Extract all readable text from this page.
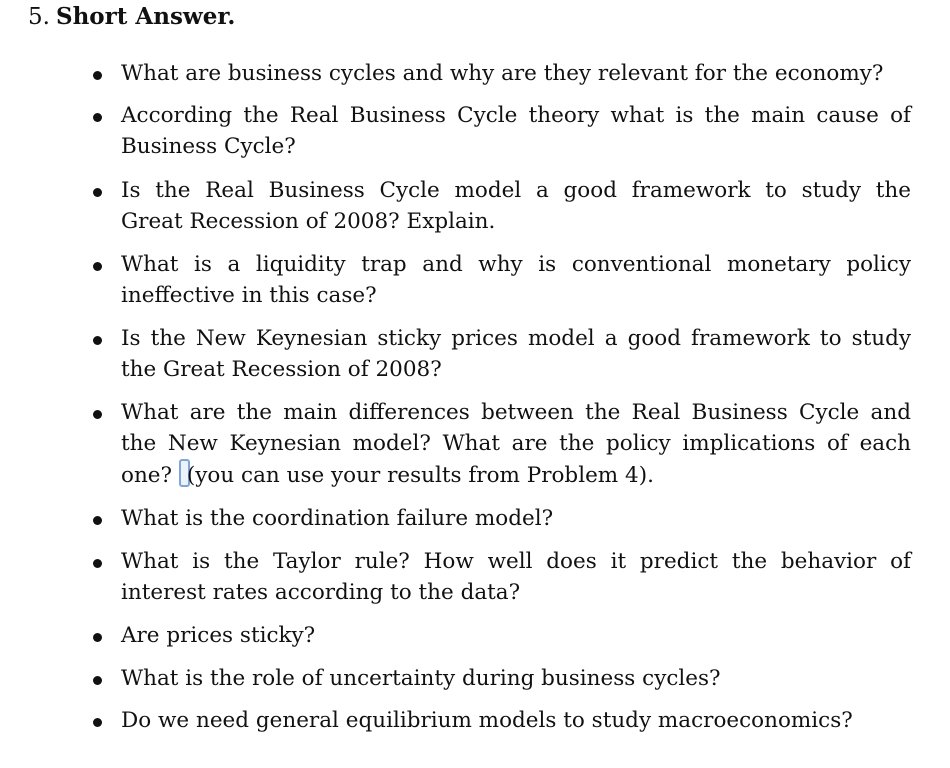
5. Short Answer.

What are business cycles and why are they relevant for the economy?

According the Real Business Cycle theory what is the main cause of
Business Cycle?

Is the Real Business Cycle model a good framework to study the
Great Recession of 2008? Explain.

What is a liquidity trap and why is conventional monetary policy
ineffective in this case?

Is the New Keynesian sticky prices model a good framework to study
the Great Recession of 2008?

What are the main differences between the Real Business Cycle and
the New Keynesian model? What are the policy implications of each
one? (you can use your results from Problem 4).

What is the coordination failure model?

What is the Taylor rule? How well does it predict the behavior of
interest rates according to the data?

Are prices sticky?

What is the role of uncertainty during business cycles?

Do we need general equilibrium models to study macroeconomics?
